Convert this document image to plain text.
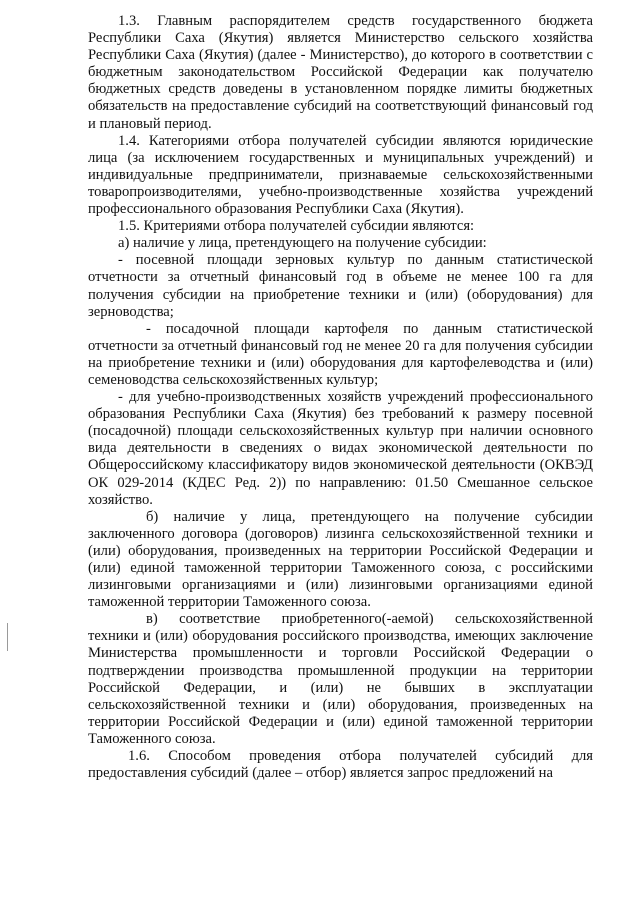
1.3. Главным распорядителем средств государственного бюджета Республики Саха (Якутия) является Министерство сельского хозяйства Республики Саха (Якутия) (далее - Министерство), до которого в соответствии с бюджетным законодательством Российской Федерации как получателю бюджетных средств доведены в установленном порядке лимиты бюджетных обязательств на предоставление субсидий на соответствующий финансовый год и плановый период.

1.4. Категориями отбора получателей субсидии являются юридические лица (за исключением государственных и муниципальных учреждений) и индивидуальные предприниматели, признаваемые сельскохозяйственными товаропроизводителями, учебно-производственные хозяйства учреждений профессионального образования Республики Саха (Якутия).

1.5. Критериями отбора получателей субсидии являются:

а) наличие у лица, претендующего на получение субсидии:

- посевной площади зерновых культур по данным статистической отчетности за отчетный финансовый год в объеме не менее 100 га для получения субсидии на приобретение техники и (или) (оборудования) для зерноводства;

- посадочной площади картофеля по данным статистической отчетности за отчетный финансовый год не менее 20 га для получения субсидии на приобретение техники и (или) оборудования для картофелеводства и (или) семеноводства сельскохозяйственных культур;

- для учебно-производственных хозяйств учреждений профессионального образования Республики Саха (Якутия) без требований к размеру посевной (посадочной) площади сельскохозяйственных культур при наличии основного вида деятельности в сведениях о видах экономической деятельности по Общероссийскому классификатору видов экономической деятельности (ОКВЭД ОК 029-2014 (КДЕС Ред. 2)) по направлению: 01.50 Смешанное сельское хозяйство.

б) наличие у лица, претендующего на получение субсидии заключенного договора (договоров) лизинга сельскохозяйственной техники и (или) оборудования, произведенных на территории Российской Федерации и (или) единой таможенной территории Таможенного союза, с российскими лизинговыми организациями и (или) лизинговыми организациями единой таможенной территории Таможенного союза.

в) соответствие приобретенного(-аемой) сельскохозяйственной техники и (или) оборудования российского производства, имеющих заключение Министерства промышленности и торговли Российской Федерации о подтверждении производства промышленной продукции на территории Российской Федерации, и (или) не бывших в эксплуатации сельскохозяйственной техники и (или) оборудования, произведенных на территории Российской Федерации и (или) единой таможенной территории Таможенного союза.

1.6. Способом проведения отбора получателей субсидий для предоставления субсидий (далее – отбор) является запрос предложений на
